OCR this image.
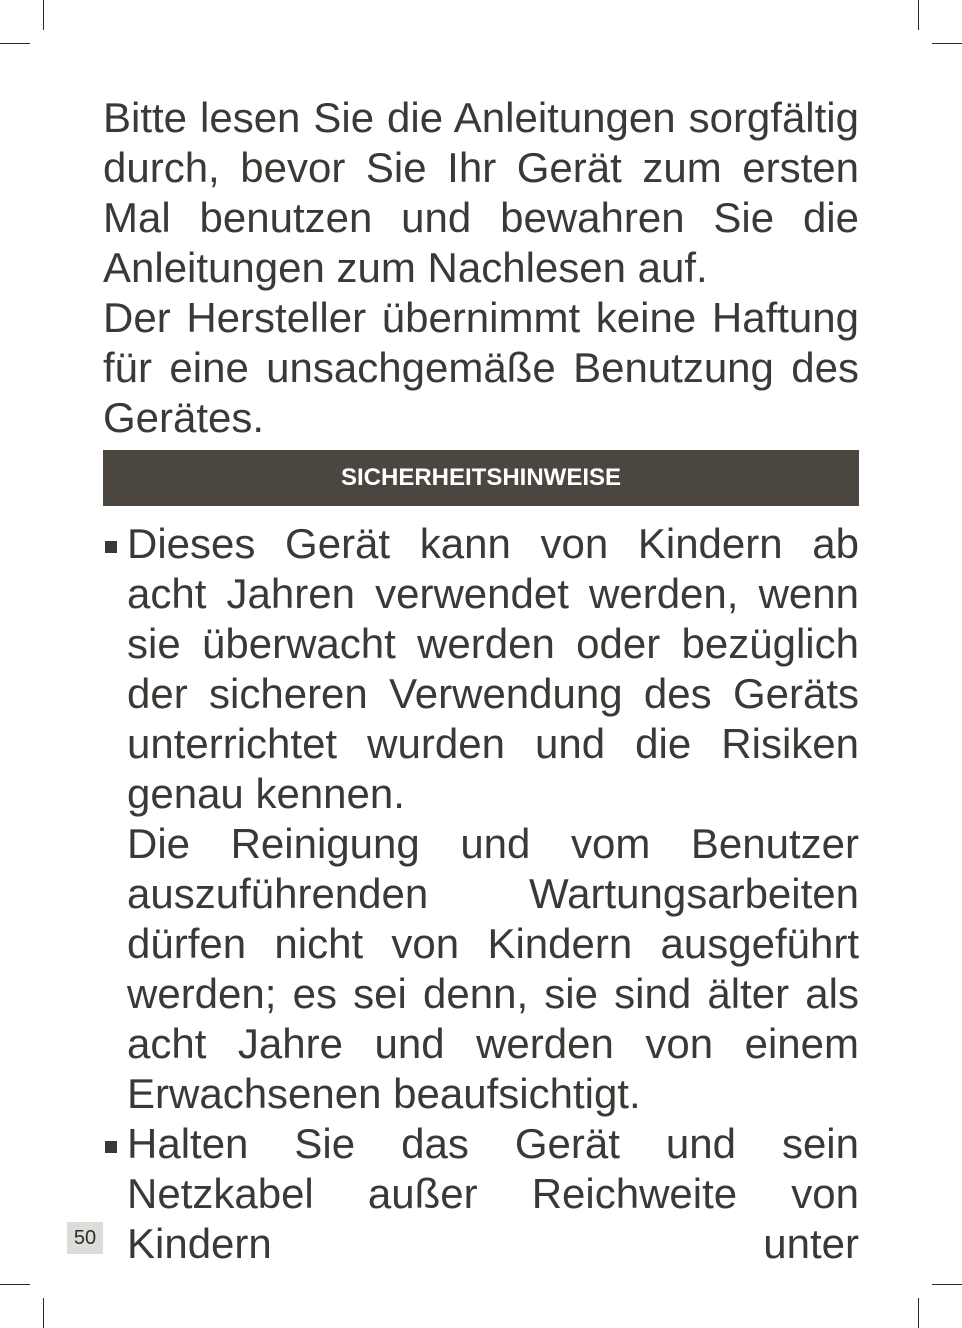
Bitte lesen Sie die Anleitungen sorgfältig durch, bevor Sie Ihr Gerät zum ersten Mal benutzen und bewahren Sie die Anleitungen zum Nachlesen auf.

Der Hersteller übernimmt keine Haftung für eine unsachgemäße Benutzung des Gerätes.

SICHERHEITSHINWEISE

Dieses Gerät kann von Kindern ab acht Jahren verwendet werden, wenn sie überwacht werden oder bezüglich der sicheren Verwendung des Geräts unterrichtet wurden und die Risiken genau kennen.

Die Reinigung und vom Benutzer auszuführenden Wartungsarbeiten dürfen nicht von Kindern ausgeführt werden; es sei denn, sie sind älter als acht Jahre und werden von einem Erwachsenen beaufsichtigt.

Halten Sie das Gerät und sein Netzkabel außer Reichweite von Kindern unter

50
